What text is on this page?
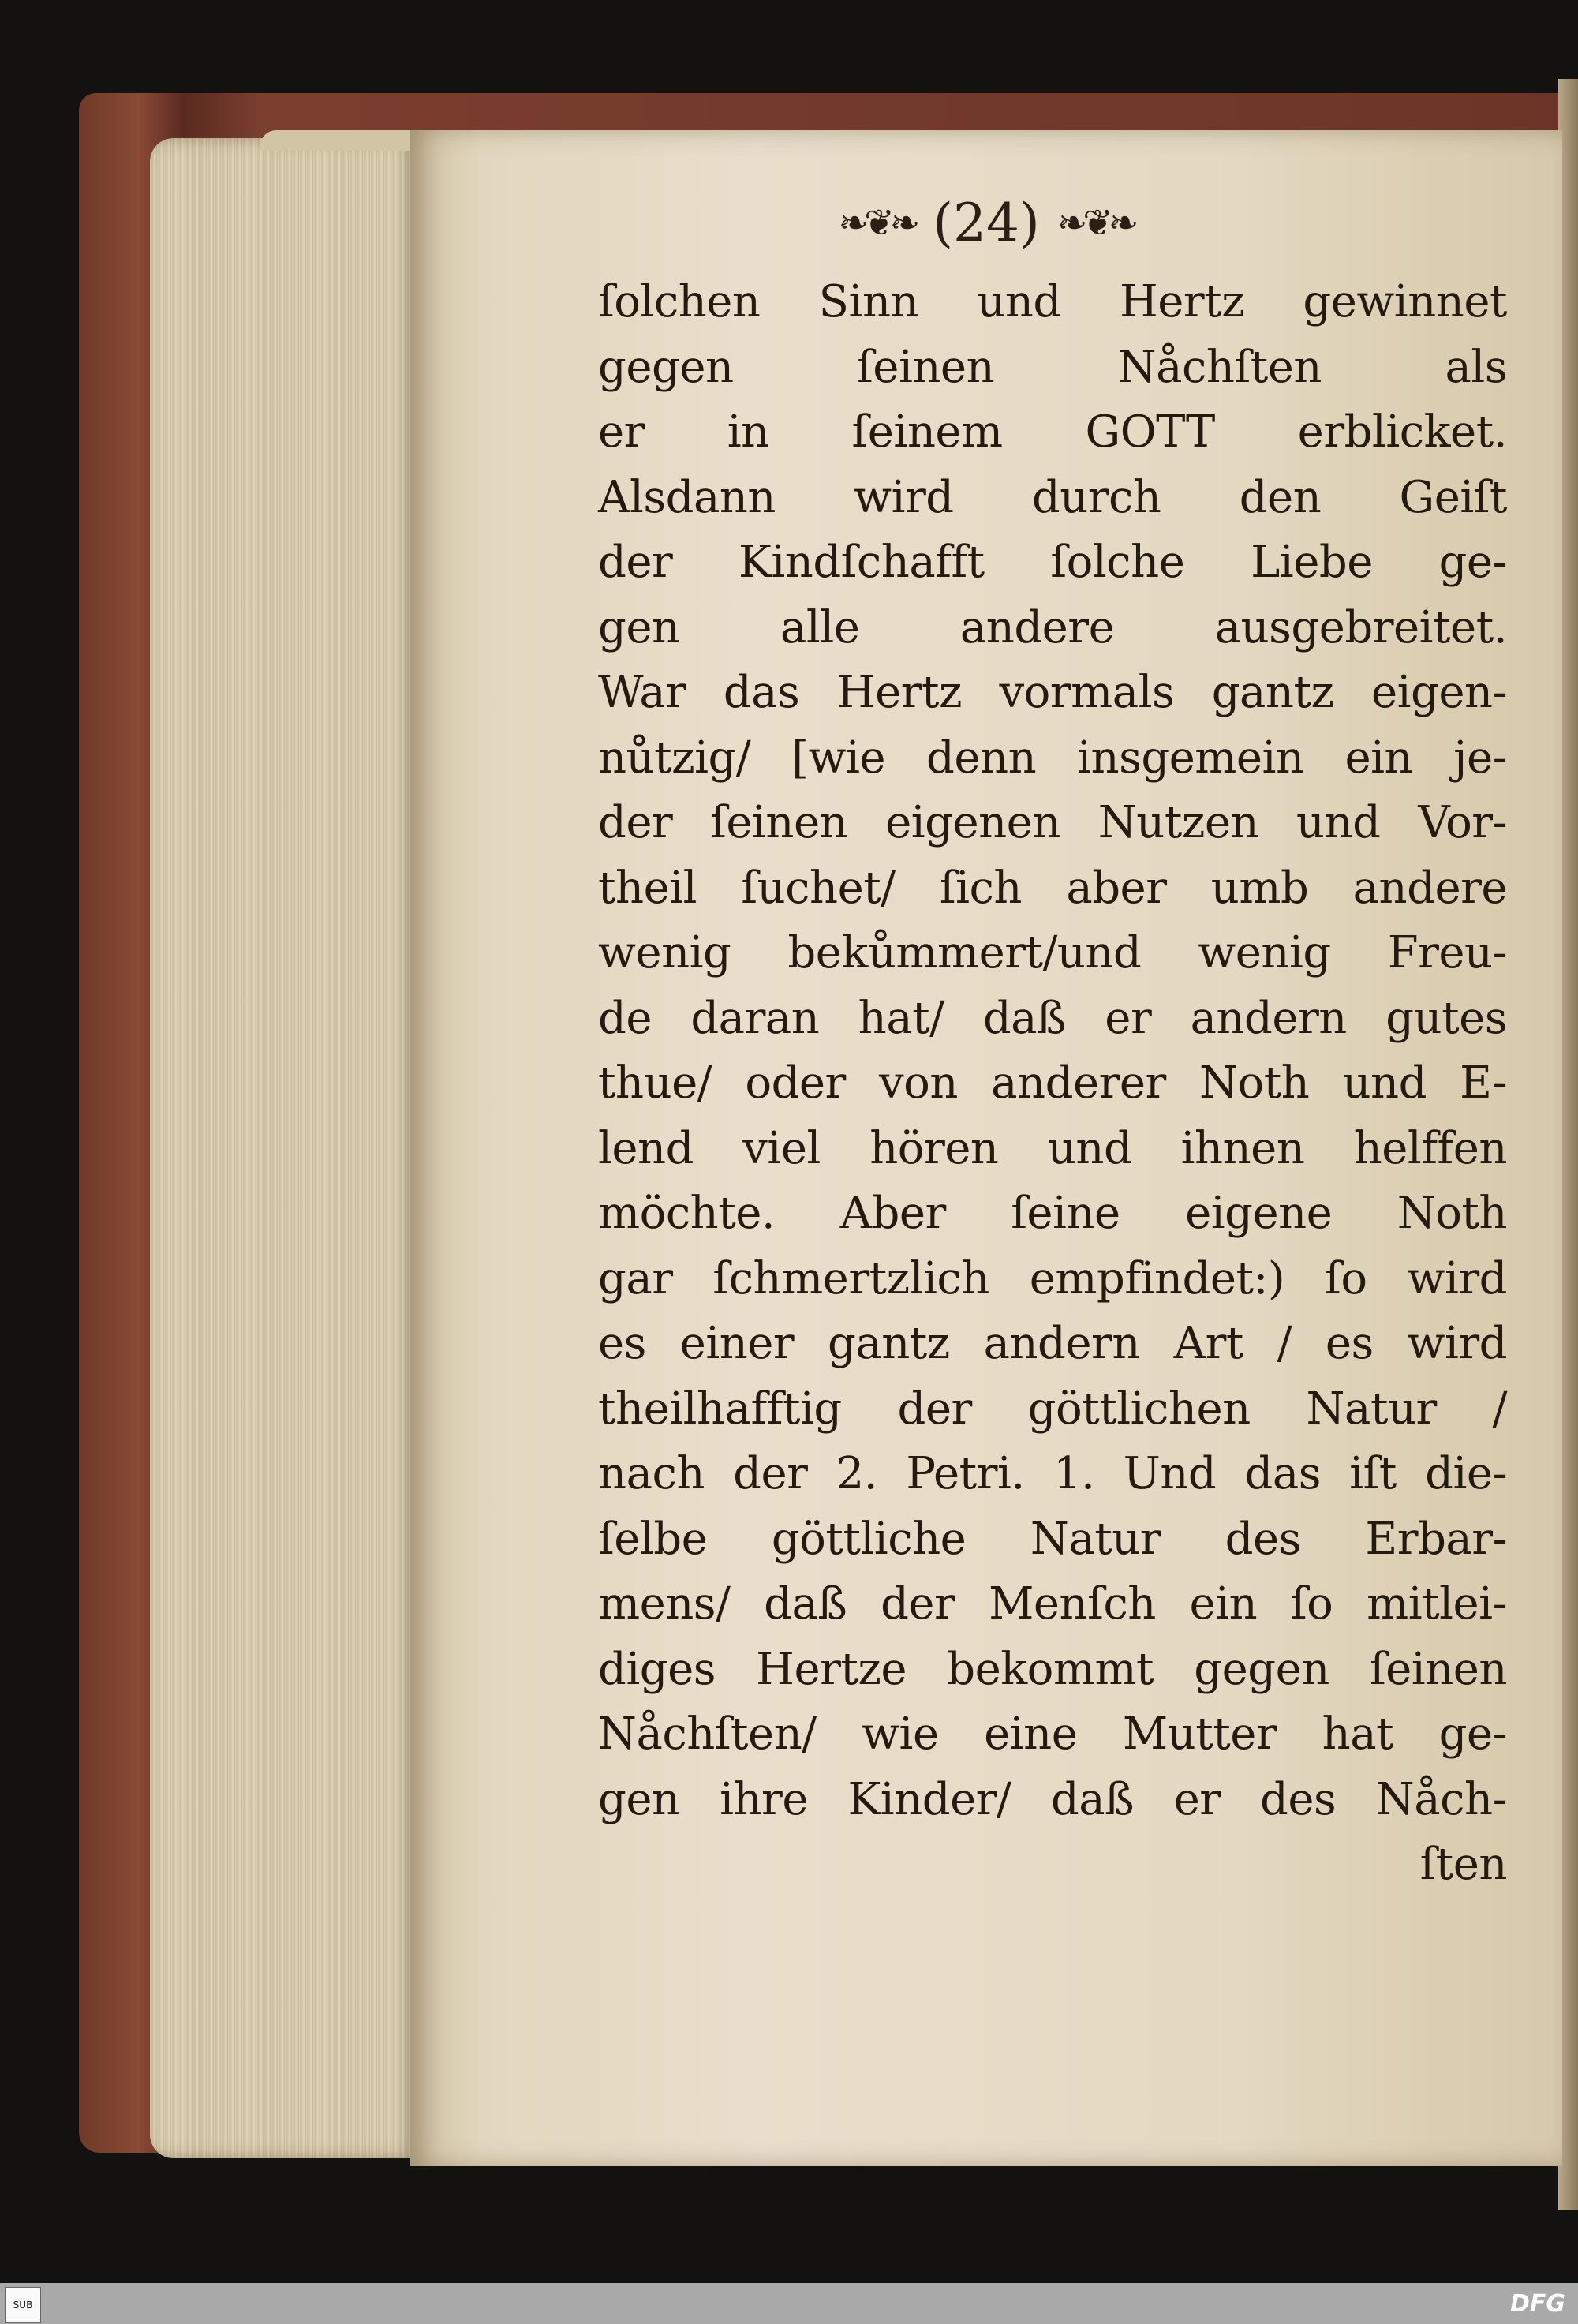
❧❦❧ (24) ❧❦❧
ſolchen Sinn und Hertz gewinnet
gegen ſeinen Nåchſten als
er in ſeinem GOTT erblicket.
Alsdann wird durch den Geiſt
der Kindſchafft ſolche Liebe ge-
gen alle andere ausgebreitet.
War das Hertz vormals gantz eigen-
nůtzig/ [wie denn insgemein ein je-
der ſeinen eigenen Nutzen und Vor-
theil ſuchet/ ſich aber umb andere
wenig bekůmmert/und wenig Freu-
de daran hat/ daß er andern gutes
thue/ oder von anderer Noth und E-
lend viel hören und ihnen helffen
möchte. Aber ſeine eigene Noth
gar ſchmertzlich empfindet:) ſo wird
es einer gantz andern Art / es wird
theilhafftig der göttlichen Natur /
nach der 2. Petri. 1. Und das iſt die-
ſelbe göttliche Natur des Erbar-
mens/ daß der Menſch ein ſo mitlei-
diges Hertze bekommt gegen ſeinen
Nåchſten/ wie eine Mutter hat ge-
gen ihre Kinder/ daß er des Nåch-
ſten
SUB	DFG
